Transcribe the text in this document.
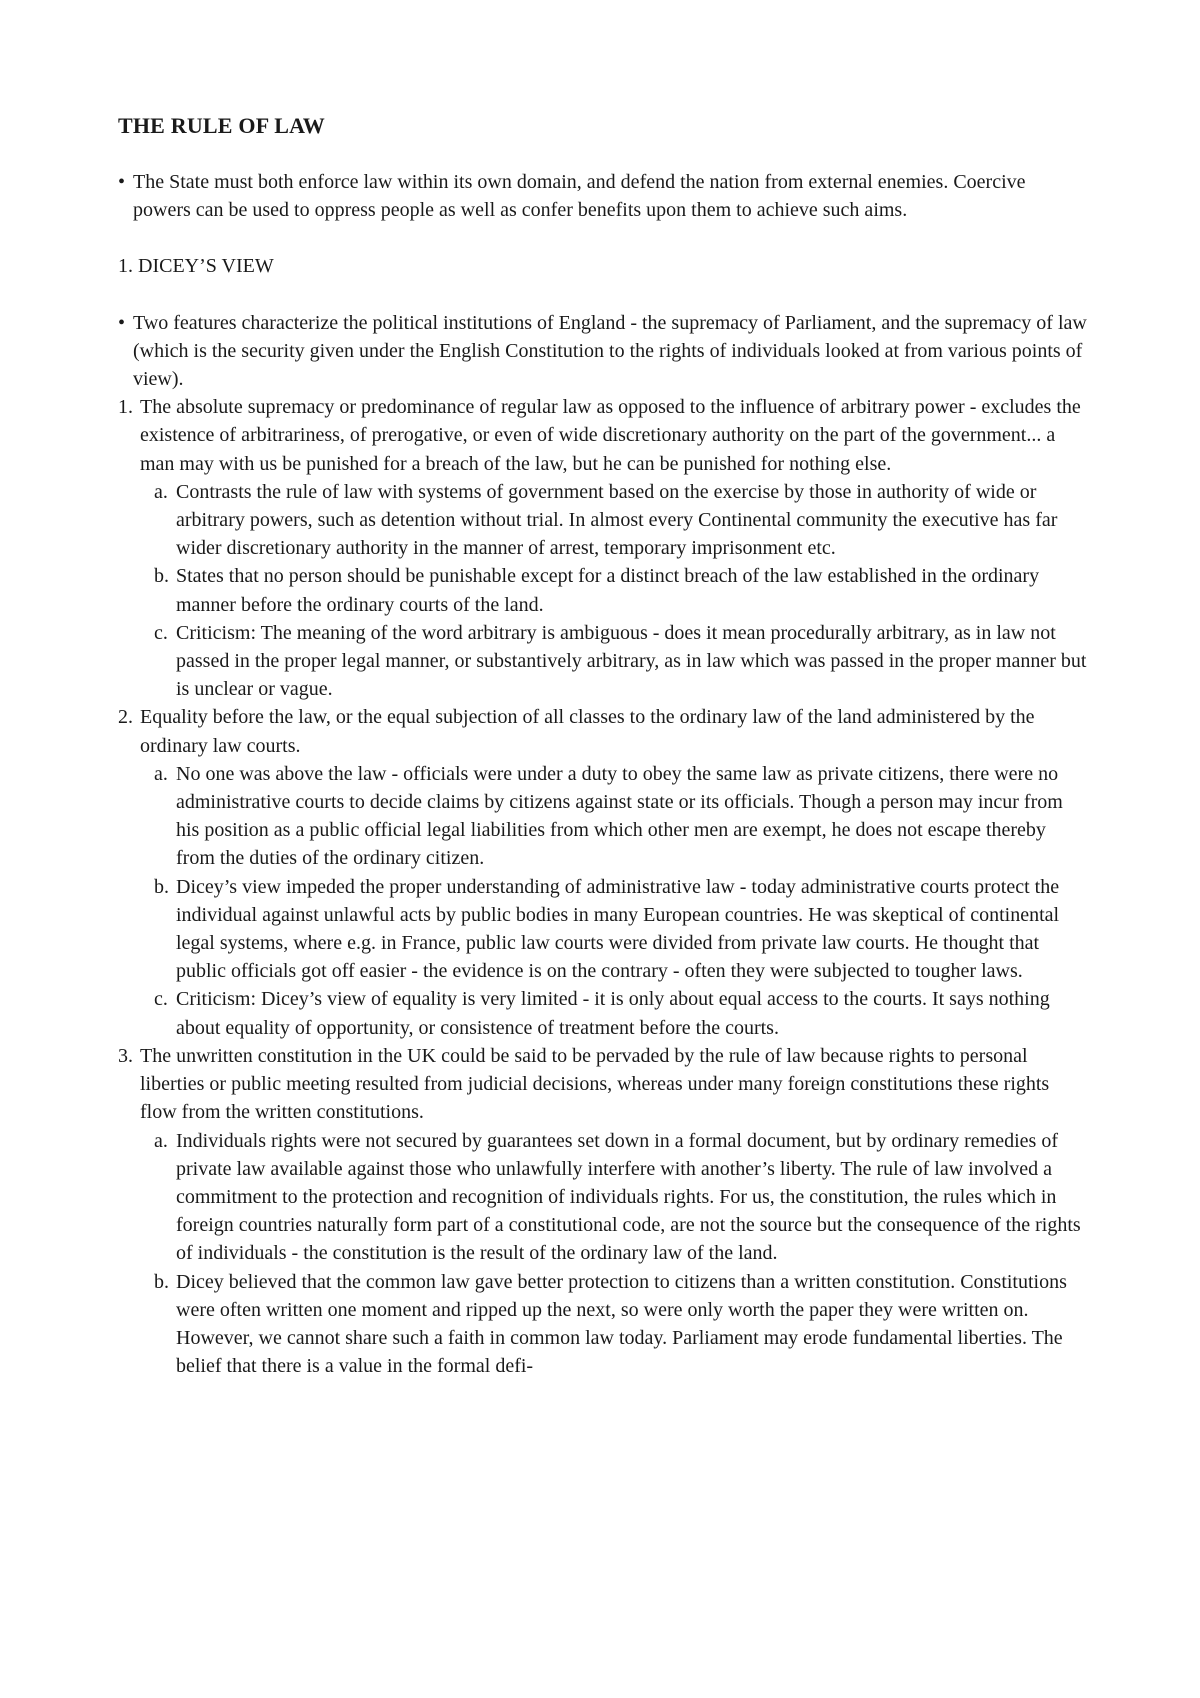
THE RULE OF LAW
• The State must both enforce law within its own domain, and defend the nation from external enemies. Coercive powers can be used to oppress people as well as confer benefits upon them to achieve such aims.
1. DICEY’S VIEW
• Two features characterize the political institutions of England - the supremacy of Parliament, and the supremacy of law (which is the security given under the English Constitution to the rights of individuals looked at from various points of view).
1. The absolute supremacy or predominance of regular law as opposed to the influence of arbitrary power - excludes the existence of arbitrariness, of prerogative, or even of wide discretionary authority on the part of the government... a man may with us be punished for a breach of the law, but he can be punished for nothing else.
a. Contrasts the rule of law with systems of government based on the exercise by those in authority of wide or arbitrary powers, such as detention without trial. In almost every Continental community the executive has far wider discretionary authority in the manner of arrest, temporary imprisonment etc.
b. States that no person should be punishable except for a distinct breach of the law established in the ordinary manner before the ordinary courts of the land.
c. Criticism: The meaning of the word arbitrary is ambiguous - does it mean procedurally arbitrary, as in law not passed in the proper legal manner, or substantively arbitrary, as in law which was passed in the proper manner but is unclear or vague.
2. Equality before the law, or the equal subjection of all classes to the ordinary law of the land administered by the ordinary law courts.
a. No one was above the law - officials were under a duty to obey the same law as private citizens, there were no administrative courts to decide claims by citizens against state or its officials. Though a person may incur from his position as a public official legal liabilities from which other men are exempt, he does not escape thereby from the duties of the ordinary citizen.
b. Dicey’s view impeded the proper understanding of administrative law - today administrative courts protect the individual against unlawful acts by public bodies in many European countries. He was skeptical of continental legal systems, where e.g. in France, public law courts were divided from private law courts. He thought that public officials got off easier - the evidence is on the contrary - often they were subjected to tougher laws.
c. Criticism: Dicey’s view of equality is very limited - it is only about equal access to the courts. It says nothing about equality of opportunity, or consistence of treatment before the courts.
3. The unwritten constitution in the UK could be said to be pervaded by the rule of law because rights to personal liberties or public meeting resulted from judicial decisions, whereas under many foreign constitutions these rights flow from the written constitutions.
a. Individuals rights were not secured by guarantees set down in a formal document, but by ordinary remedies of private law available against those who unlawfully interfere with another’s liberty. The rule of law involved a commitment to the protection and recognition of individuals rights. For us, the constitution, the rules which in foreign countries naturally form part of a constitutional code, are not the source but the consequence of the rights of individuals - the constitution is the result of the ordinary law of the land.
b. Dicey believed that the common law gave better protection to citizens than a written constitution. Constitutions were often written one moment and ripped up the next, so were only worth the paper they were written on. However, we cannot share such a faith in common law today. Parliament may erode fundamental liberties. The belief that there is a value in the formal defi-
